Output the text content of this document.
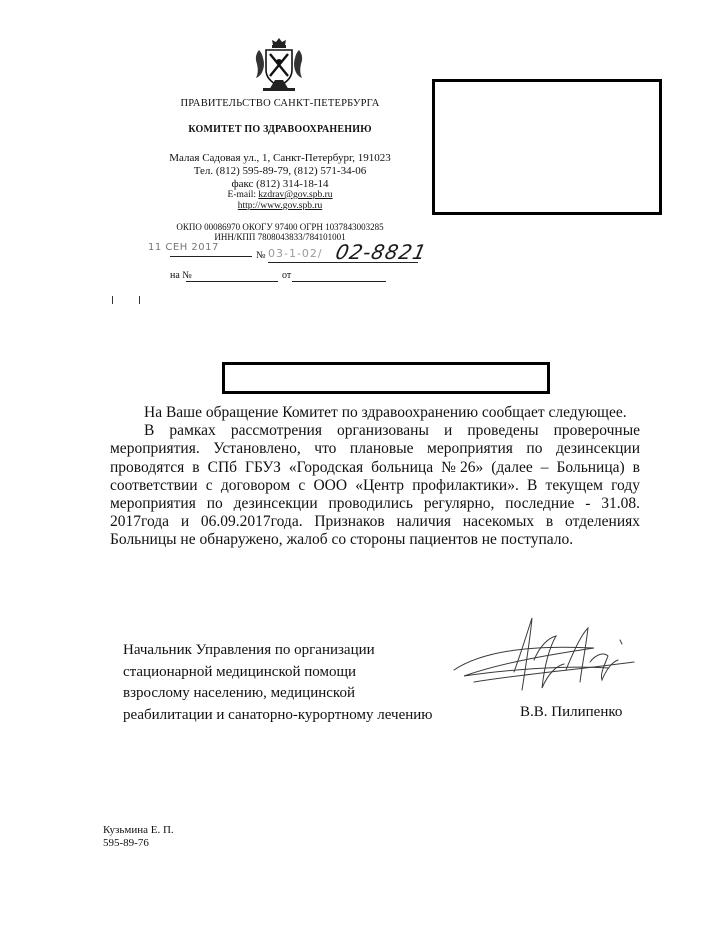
ПРАВИТЕЛЬСТВО САНКТ-ПЕТЕРБУРГА
КОМИТЕТ ПО ЗДРАВООХРАНЕНИЮ
Малая Садовая ул., 1, Санкт-Петербург, 191023
Тел. (812) 595-89-79, (812) 571-34-06
факс (812) 314-18-14
E-mail: kzdrav@gov.spb.ru
http://www.gov.spb.ru
ОКПО 00086970 ОКОГУ 97400 ОГРН 1037843003285
ИНН/КПП 7808043833/784101001
11 СЕН 2017
№ 03-1-02/ 02-8821
на №	от

На Ваше обращение Комитет по здравоохранению сообщает следующее.

В рамках рассмотрения организованы и проведены проверочные мероприятия. Установлено, что плановые мероприятия по дезинсекции проводятся в СПб ГБУЗ «Городская больница №26» (далее – Больница) в соответствии с договором с ООО «Центр профилактики». В текущем году мероприятия по дезинсекции проводились регулярно, последние - 31.08. 2017года и 06.09.2017года. Признаков наличия насекомых в отделениях Больницы не обнаружено, жалоб со стороны пациентов не поступало.

Начальник Управления по организации
стационарной медицинской помощи
взрослому населению, медицинской
реабилитации и санаторно-курортному лечению	В.В. Пилипенко
Кузьмина Е. П.
595-89-76
